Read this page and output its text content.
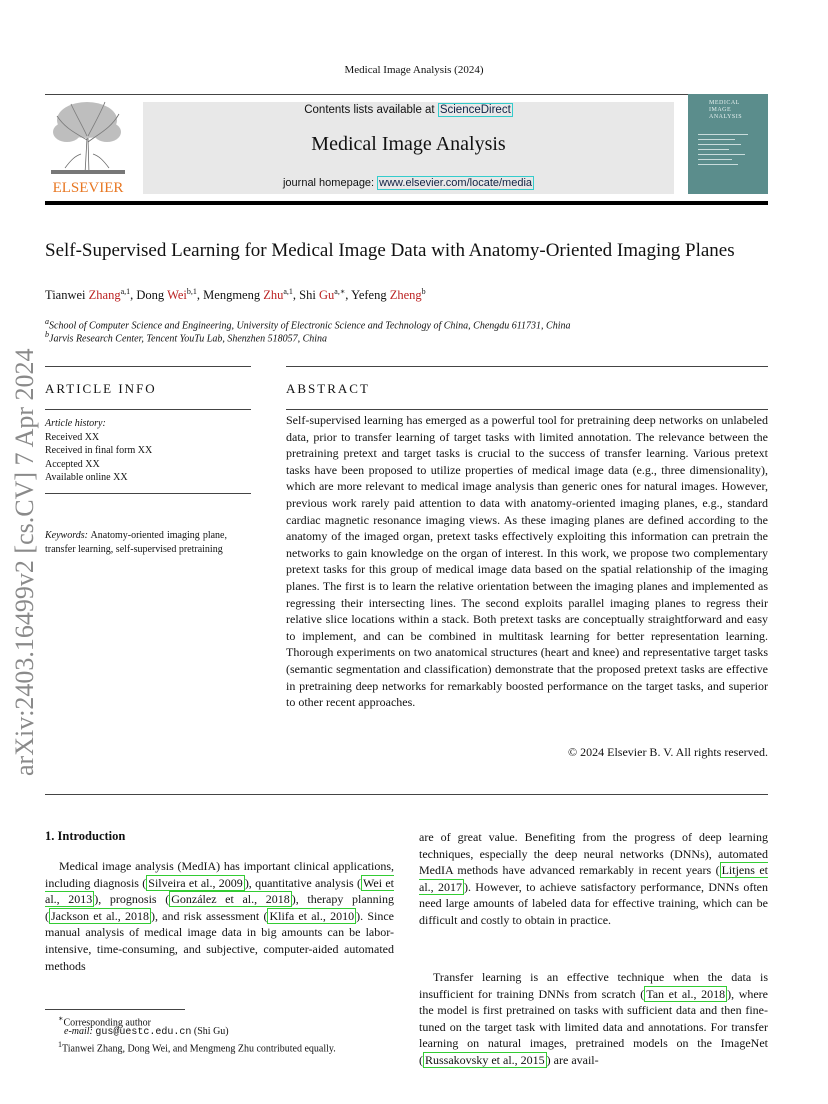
Medical Image Analysis (2024)
ELSEVIER
Contents lists available at ScienceDirect
Medical Image Analysis
journal homepage: www.elsevier.com/locate/media
MEDICAL
IMAGE
ANALYSIS
arXiv:2403.16499v2 [cs.CV] 7 Apr 2024
Self-Supervised Learning for Medical Image Data with Anatomy-Oriented Imaging Planes
Tianwei Zhang$^{a,1}$, Dong Wei$^{b,1}$, Mengmeng Zhu$^{a,1}$, Shi $Gu^{a,∗}$, Yefeng Zheng$^b$
$^a$School of Computer Science and Engineering, University of Electronic Science and Technology of China, Chengdu 611731, China
$^b$Jarvis Research Center, Tencent YouTu Lab, Shenzhen 518057, China
ARTICLE INFO
Article history:
Received XX
Received in final form XX
Accepted XX
Available online XX
Keywords: Anatomy-oriented imaging plane, transfer learning, self-supervised pretraining
ABSTRACT
Self-supervised learning has emerged as a powerful tool for pretraining deep networks on unlabeled data, prior to transfer learning of target tasks with limited annotation. The relevance between the pretraining pretext and target tasks is crucial to the success of transfer learning. Various pretext tasks have been proposed to utilize properties of medical image data (e.g., three dimensionality), which are more relevant to medical image analysis than generic ones for natural images. However, previous work rarely paid attention to data with anatomy-oriented imaging planes, e.g., standard cardiac magnetic resonance imaging views. As these imaging planes are defined according to the anatomy of the imaged organ, pretext tasks effectively exploiting this information can pretrain the networks to gain knowledge on the organ of interest. In this work, we propose two complementary pretext tasks for this group of medical image data based on the spatial relationship of the imaging planes. The first is to learn the relative orientation between the imaging planes and implemented as regressing their intersecting lines. The second exploits parallel imaging planes to regress their relative slice locations within a stack. Both pretext tasks are conceptually straightforward and easy to implement, and can be combined in multitask learning for better representation learning. Thorough experiments on two anatomical structures (heart and knee) and representative target tasks (semantic segmentation and classification) demonstrate that the proposed pretext tasks are effective in pretraining deep networks for remarkably boosted performance on the target tasks, and superior to other recent approaches.
© 2024 Elsevier B. V. All rights reserved.
1. Introduction
Medical image analysis (MedIA) has important clinical applications, including diagnosis ( Silveira et al., 2009 ), quantitative analysis ( Wei et al., 2013 ), prognosis ( González et al., 2018 ), therapy planning ( Jackson et al., 2018 ), and risk assessment ( Klifa et al., 2010 ). Since manual analysis of medical image data in big amounts can be labor-intensive, time-consuming, and subjective, computer-aided automated methods
are of great value. Benefiting from the progress of deep learning techniques, especially the deep neural networks (DNNs), automated MedIA methods have advanced remarkably in recent years ( Litjens et al., 2017 ). However, to achieve satisfactory performance, DNNs often need large amounts of labeled data for effective training, which can be difficult and costly to obtain in practice.
Transfer learning is an effective technique when the data is insufficient for training DNNs from scratch ( Tan et al., 2018 ), where the model is first pretrained on tasks with sufficient data and then fine-tuned on the target task with limited data and annotations. For transfer learning on natural images, pretrained models on the ImageNet ( Russakovsky et al., 2015 ) are avail-
∗Corresponding author
e-mail: gus@uestc.edu.cn (Shi Gu)
$^1$Tianwei Zhang, Dong Wei, and Mengmeng Zhu contributed equally.
